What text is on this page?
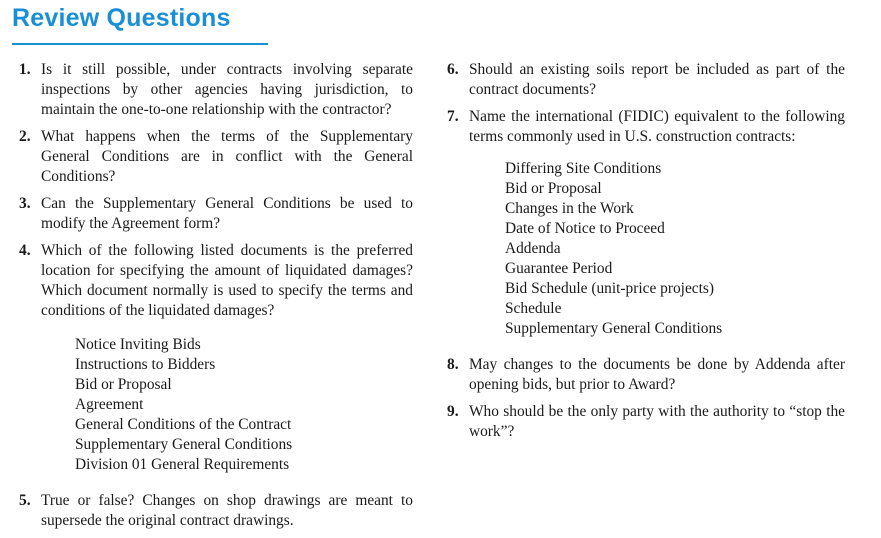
Review Questions
1. Is it still possible, under contracts involving separate inspections by other agencies having jurisdiction, to maintain the one-to-one relationship with the contractor?
2. What happens when the terms of the Supplementary General Conditions are in conflict with the General Conditions?
3. Can the Supplementary General Conditions be used to modify the Agreement form?
4. Which of the following listed documents is the preferred location for specifying the amount of liquidated damages? Which document normally is used to specify the terms and conditions of the liquidated damages?
Notice Inviting Bids
Instructions to Bidders
Bid or Proposal
Agreement
General Conditions of the Contract
Supplementary General Conditions
Division 01 General Requirements
5. True or false? Changes on shop drawings are meant to supersede the original contract drawings.
6. Should an existing soils report be included as part of the contract documents?
7. Name the international (FIDIC) equivalent to the following terms commonly used in U.S. construction contracts:
Differing Site Conditions
Bid or Proposal
Changes in the Work
Date of Notice to Proceed
Addenda
Guarantee Period
Bid Schedule (unit-price projects)
Schedule
Supplementary General Conditions
8. May changes to the documents be done by Addenda after opening bids, but prior to Award?
9. Who should be the only party with the authority to “stop the work”?
